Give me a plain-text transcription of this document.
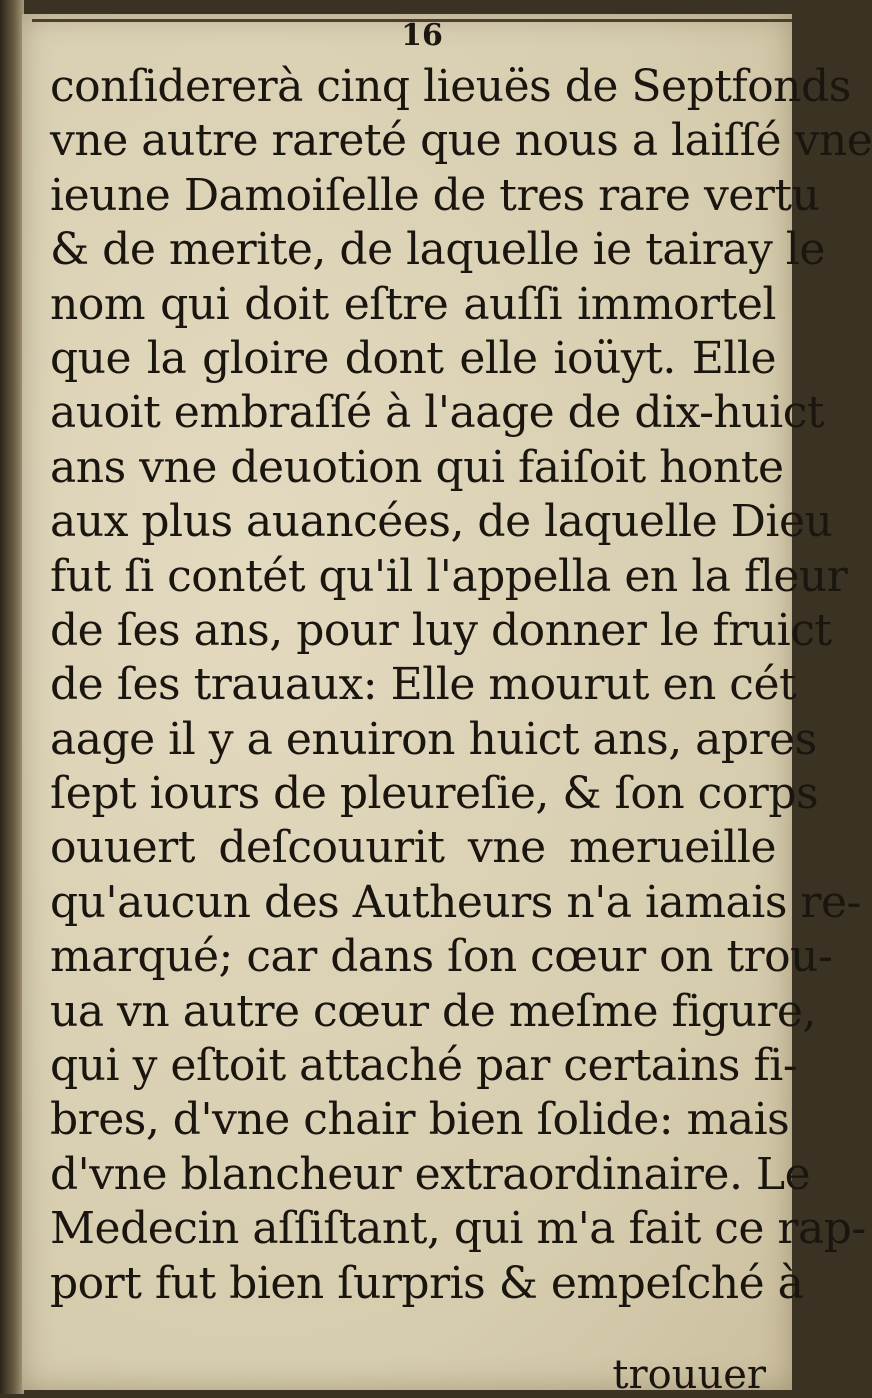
16
conſidererà cinq lieuës de Septfonds
vne autre rareté que nous a laiſſé vne
ieune Damoiſelle de tres rare vertu
& de merite, de laquelle ie tairay le
nom qui doit eſtre auſſi immortel
que la gloire dont elle ioüyt. Elle
auoit embraſſé à l'aage de dix-huict
ans vne deuotion qui faiſoit honte
aux plus auancées, de laquelle Dieu
fut ſi contét qu'il l'appella en la fleur
de ſes ans, pour luy donner le fruict
de ſes trauaux: Elle mourut en cét
aage il y a enuiron huict ans, apres
ſept iours de pleureſie, & ſon corps
ouuert deſcouurit vne merueille
qu'aucun des Autheurs n'a iamais re-
marqué; car dans ſon cœur on trou-
ua vn autre cœur de meſme figure,
qui y eſtoit attaché par certains fi-
bres, d'vne chair bien ſolide: mais
d'vne blancheur extraordinaire. Le
Medecin aſſiſtant, qui m'a fait ce rap-
port fut bien ſurpris & empeſché à
trouuer
